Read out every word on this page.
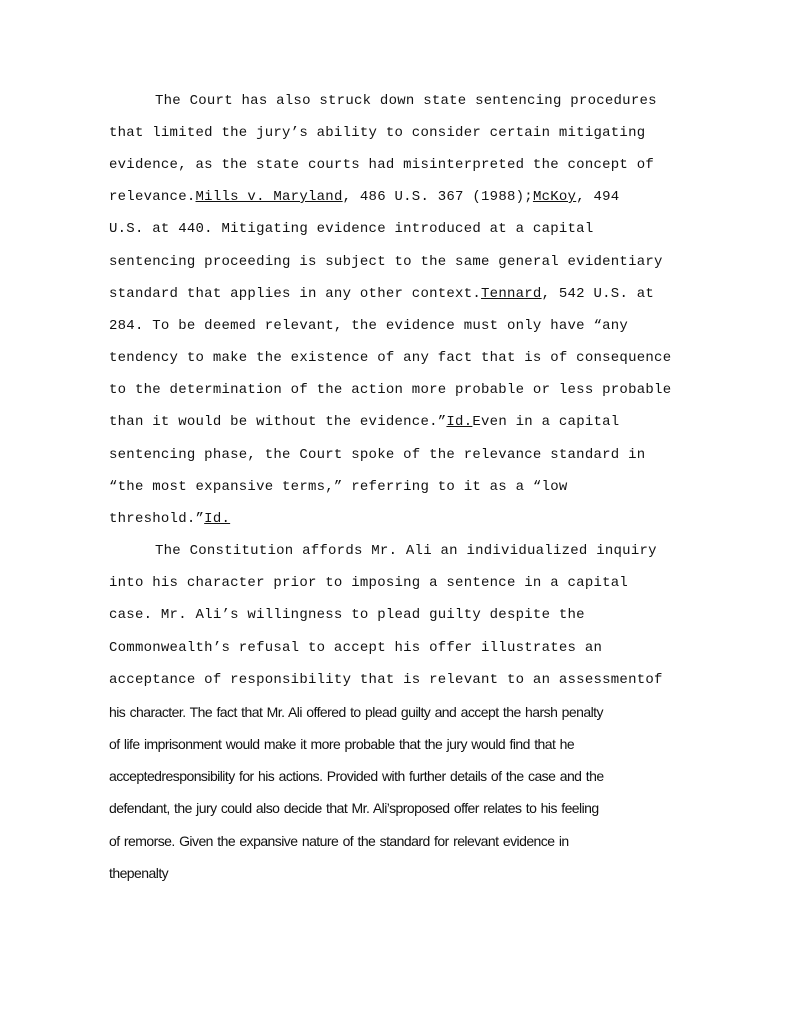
The Court has also struck down state sentencing procedures
that limited the jury’s ability to consider certain mitigating
evidence, as the state courts had misinterpreted the concept of
relevance.Mills v. Maryland, 486 U.S. 367 (1988);McKoy, 494
U.S. at 440. Mitigating evidence introduced at a capital
sentencing proceeding is subject to the same general evidentiary
standard that applies in any other context.Tennard, 542 U.S. at
284. To be deemed relevant, the evidence must only have “any
tendency to make the existence of any fact that is of consequence
to the determination of the action more probable or less probable
than it would be without the evidence.”Id.Even in a capital
sentencing phase, the Court spoke of the relevance standard in
“the most expansive terms,” referring to it as a “low
threshold.”Id.
The Constitution affords Mr. Ali an individualized inquiry
into his character prior to imposing a sentence in a capital
case. Mr. Ali’s willingness to plead guilty despite the
Commonwealth’s refusal to accept his offer illustrates an
acceptance of responsibility that is relevant to an assessmentof
his character. The fact that Mr. Ali offered to plead guilty and accept the harsh penalty
of life imprisonment would make it more probable that the jury would find that he
acceptedresponsibility for his actions. Provided with further details of the case and the
defendant, the jury could also decide that Mr. Ali’sproposed offer relates to his feeling
of remorse. Given the expansive nature of the standard for relevant evidence in
thepenalty
